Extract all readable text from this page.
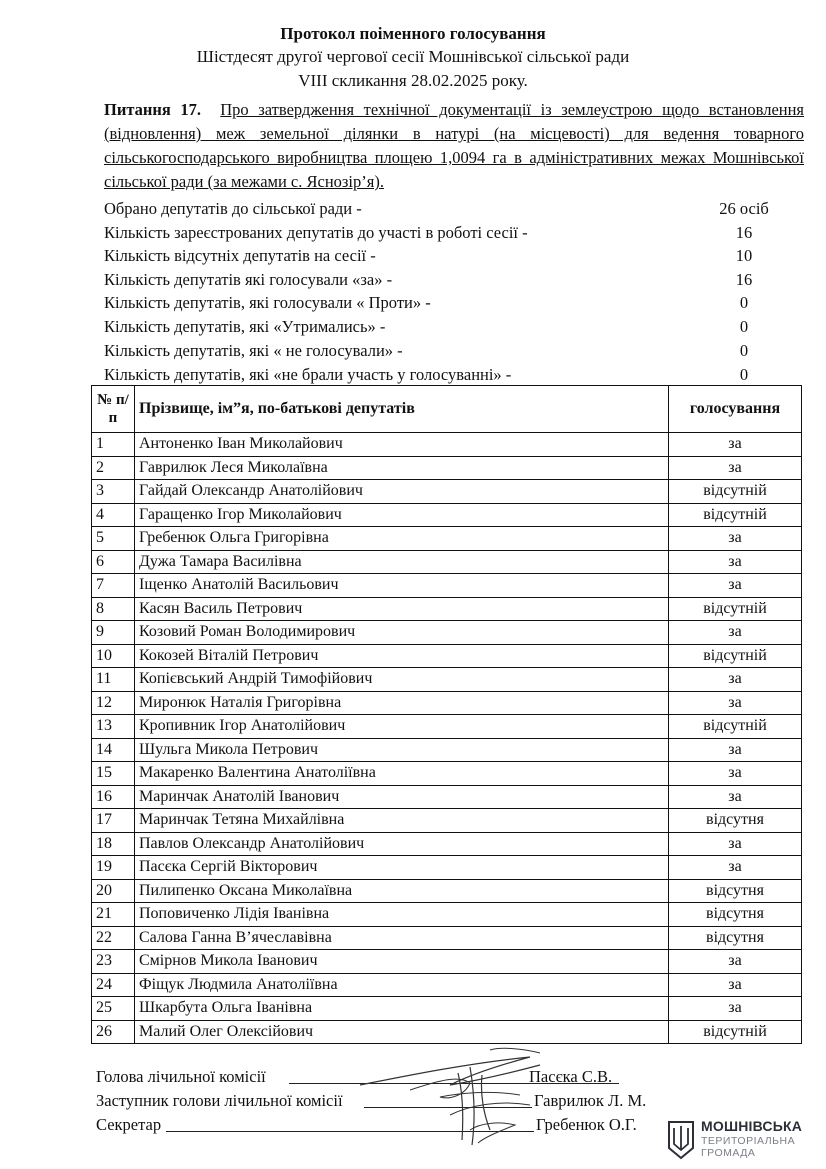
Протокол поіменного голосування
Шістдесят другої чергової сесії Мошнівської сільської ради
VIII скликання 28.02.2025 року.
Питання 17. Про затвердження технічної документації із землеустрою щодо встановлення (відновлення) меж земельної ділянки в натурі (на місцевості) для ведення товарного сільськогосподарського виробництва площею 1,0094 га в адміністративних межах Мошнівської сільської ради (за межами с. Яснозір’я).
Обрано депутатів до сільської ради -	26 осіб
Кількість зареєстрованих депутатів до участі в роботі сесії -	16
Кількість відсутніх депутатів на сесії -	10
Кількість депутатів які голосували «за» -	16
Кількість депутатів, які голосували « Проти» -	0
Кількість депутатів, які «Утримались» -	0
Кількість депутатів, які « не голосували» -	0
Кількість депутатів, які «не брали участь у голосуванні» -	0
№ п/п	Прізвище, ім”я, по-батькові депутатів	голосування
1	Антоненко Іван Миколайович	за
2	Гаврилюк Леся Миколаївна	за
3	Гайдай Олександр Анатолійович	відсутній
4	Гаращенко Ігор Миколайович	відсутній
5	Гребенюк Ольга Григорівна	за
6	Дужа Тамара Василівна	за
7	Іщенко Анатолій Васильович	за
8	Касян Василь Петрович	відсутній
9	Козовий Роман Володимирович	за
10	Кокозей Віталій Петрович	відсутній
11	Копієвський Андрій Тимофійович	за
12	Миронюк Наталія Григорівна	за
13	Кропивник Ігор Анатолійович	відсутній
14	Шульга Микола Петрович	за
15	Макаренко Валентина Анатоліївна	за
16	Маринчак Анатолій Іванович	за
17	Маринчак Тетяна Михайлівна	відсутня
18	Павлов Олександр Анатолійович	за
19	Пасєка Сергій Вікторович	за
20	Пилипенко Оксана Миколаївна	відсутня
21	Поповиченко Лідія Іванівна	відсутня
22	Салова Ганна В’ячеславівна	відсутня
23	Смірнов Микола Іванович	за
24	Фіщук Людмила Анатоліївна	за
25	Шкарбута Ольга Іванівна	за
26	Малий Олег Олексійович	відсутній
Голова лічильної комісії	Пасєка С.В.
Заступник голови лічильної комісії	Гаврилюк Л. М.
Секретар	Гребенюк О.Г.	МОШНІВСЬКА
ТЕРИТОРІАЛЬНА
ГРОМАДА
